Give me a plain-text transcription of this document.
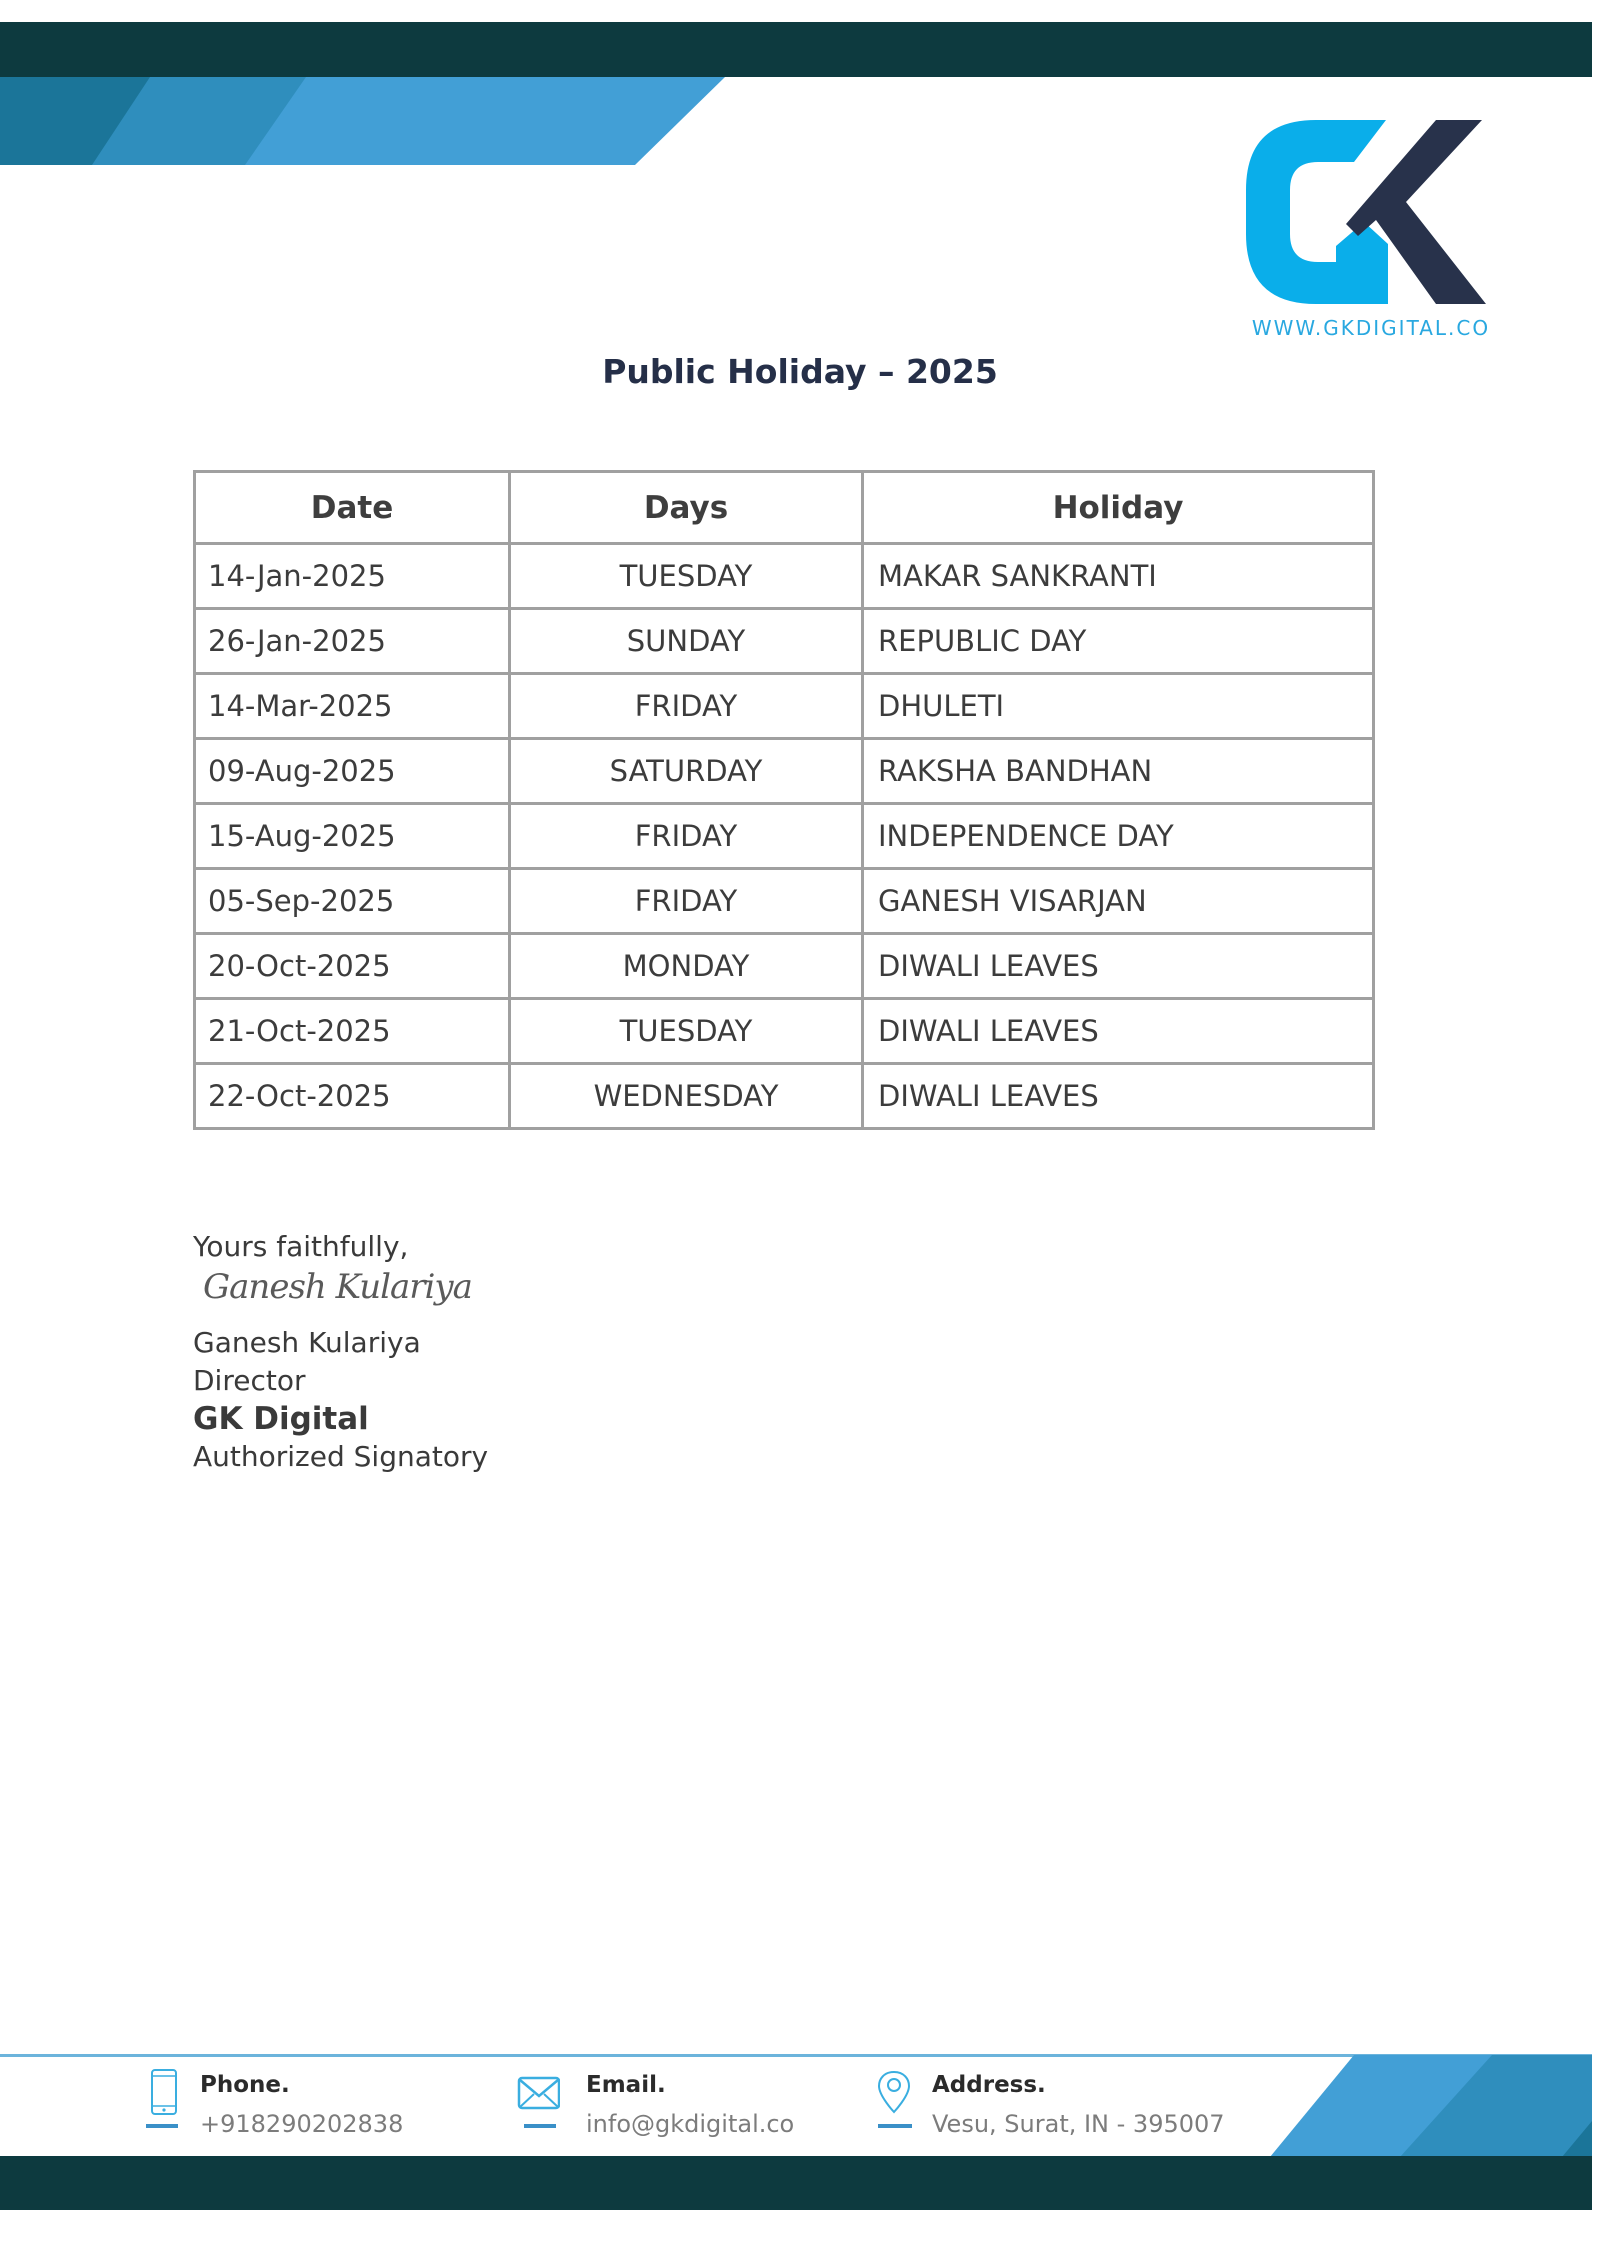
WWW.GKDIGITAL.CO
Public Holiday – 2025
Date	Days	Holiday
14-Jan-2025	TUESDAY	MAKAR SANKRANTI
26-Jan-2025	SUNDAY	REPUBLIC DAY
14-Mar-2025	FRIDAY	DHULETI
09-Aug-2025	SATURDAY	RAKSHA BANDHAN
15-Aug-2025	FRIDAY	INDEPENDENCE DAY
05-Sep-2025	FRIDAY	GANESH VISARJAN
20-Oct-2025	MONDAY	DIWALI LEAVES
21-Oct-2025	TUESDAY	DIWALI LEAVES
22-Oct-2025	WEDNESDAY	DIWALI LEAVES
Yours faithfully,
Ganesh Kulariya
Ganesh Kulariya
Director
GK Digital
Authorized Signatory
Phone.
+918290202838
Email.
info@gkdigital.co
Address.
Vesu, Surat, IN - 395007
